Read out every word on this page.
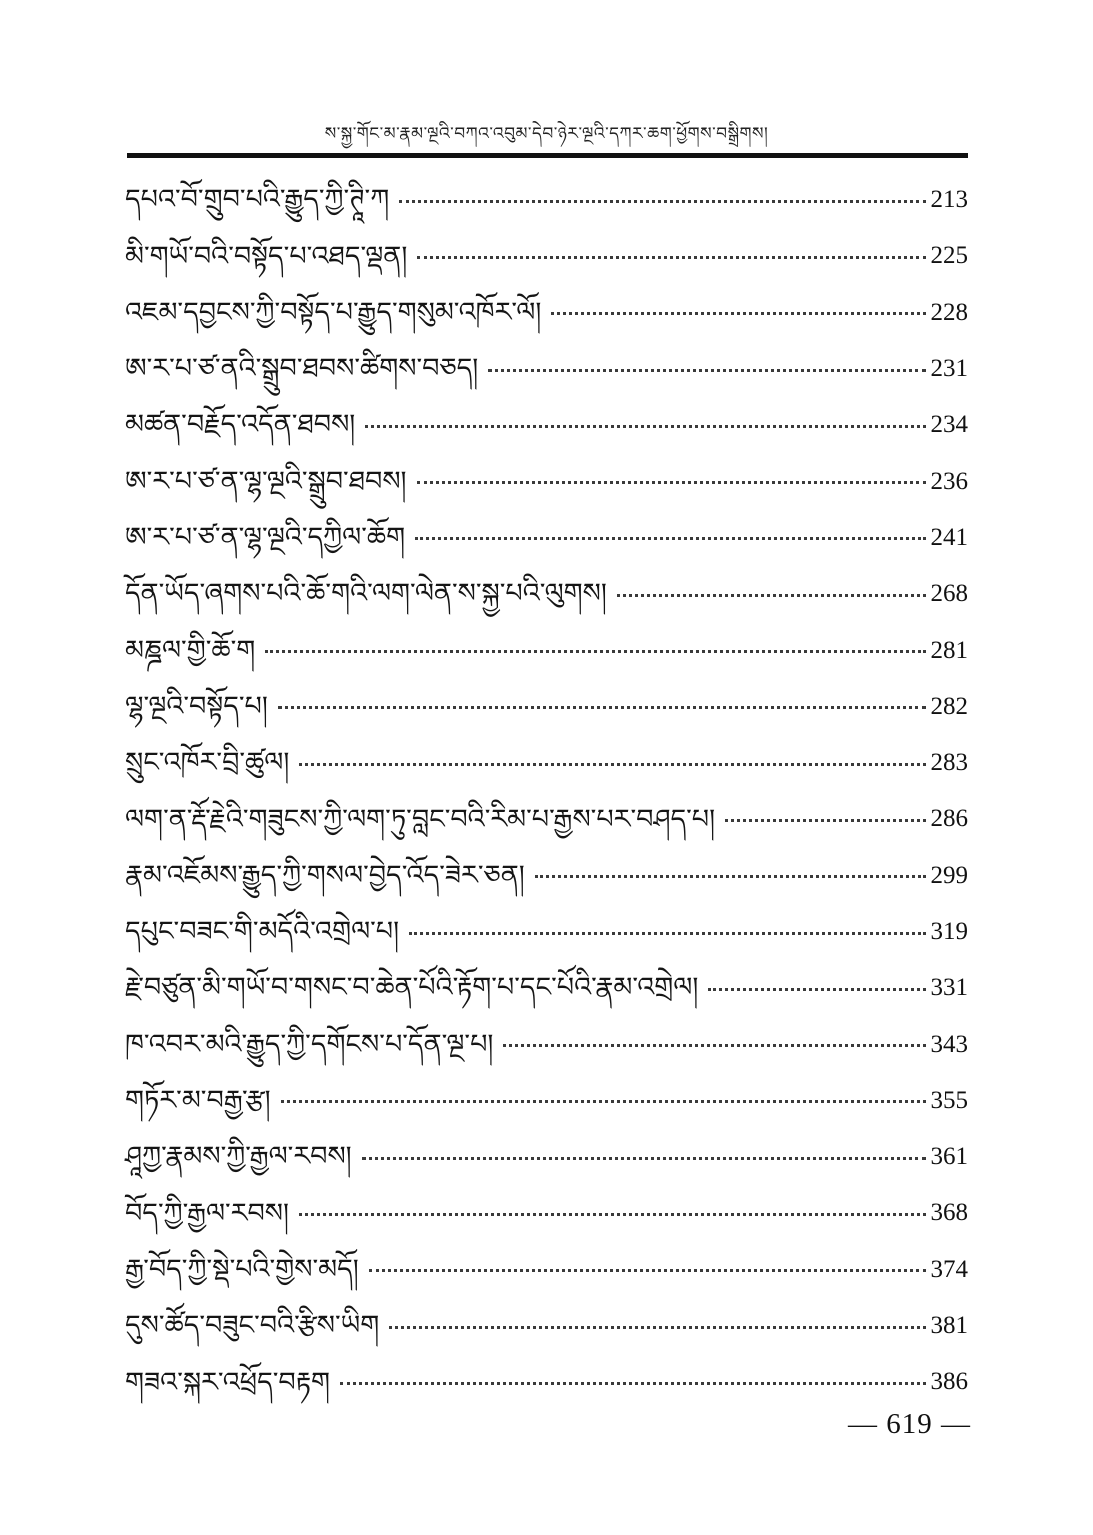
ས་སྐྱ་གོང་མ་རྣམ་ལྔའི་བཀའ་འབུམ་དེབ་ཉེར་ལྔའི་དཀར་ཆག་ཕྱོགས་བསྒྲིགས།
དཔའ་བོ་གྲུབ་པའི་རྒྱུད་ཀྱི་ཊཱི་ཀ	213
མི་གཡོ་བའི་བསྟོད་པ་འཐད་ལྡན།	225
འཇམ་དབྱངས་ཀྱི་བསྟོད་པ་རྒྱུད་གསུམ་འཁོར་ལོ།	228
ཨ་ར་པ་ཙ་ནའི་སྒྲུབ་ཐབས་ཚིགས་བཅད།	231
མཚན་བརྗོད་འདོན་ཐབས།	234
ཨ་ར་པ་ཙ་ན་ལྷ་ལྔའི་སྒྲུབ་ཐབས།	236
ཨ་ར་པ་ཙ་ན་ལྷ་ལྔའི་དཀྱིལ་ཆོག	241
དོན་ཡོད་ཞགས་པའི་ཆོ་གའི་ལག་ལེན་ས་སྐྱ་པའི་ལུགས།	268
མཎྜལ་གྱི་ཆོ་ག	281
ལྷ་ལྔའི་བསྟོད་པ།	282
སྲུང་འཁོར་བྲི་ཚུལ།	283
ལག་ན་རྡོ་རྗེའི་གཟུངས་ཀྱི་ལག་ཏུ་བླང་བའི་རིམ་པ་རྒྱས་པར་བཤད་པ།	286
རྣམ་འཇོམས་རྒྱུད་ཀྱི་གསལ་བྱེད་འོད་ཟེར་ཅན།	299
དཔུང་བཟང་གི་མདོའི་འགྲེལ་པ།	319
རྗེ་བཙུན་མི་གཡོ་བ་གསང་བ་ཆེན་པོའི་རྟོག་པ་དང་པོའི་རྣམ་འགྲེལ།	331
ཁ་འབར་མའི་རྒྱུད་ཀྱི་དགོངས་པ་དོན་ལྔ་པ།	343
གཏོར་མ་བརྒྱ་རྩ།	355
ཤཱཀྱ་རྣམས་ཀྱི་རྒྱལ་རབས།	361
བོད་ཀྱི་རྒྱལ་རབས།	368
རྒྱ་བོད་ཀྱི་སྡེ་པའི་གྱེས་མདོ།	374
དུས་ཚོད་བཟུང་བའི་རྩིས་ཡིག	381
གཟའ་སྐར་འཕྲོད་བརྟག	386
— 619 —
